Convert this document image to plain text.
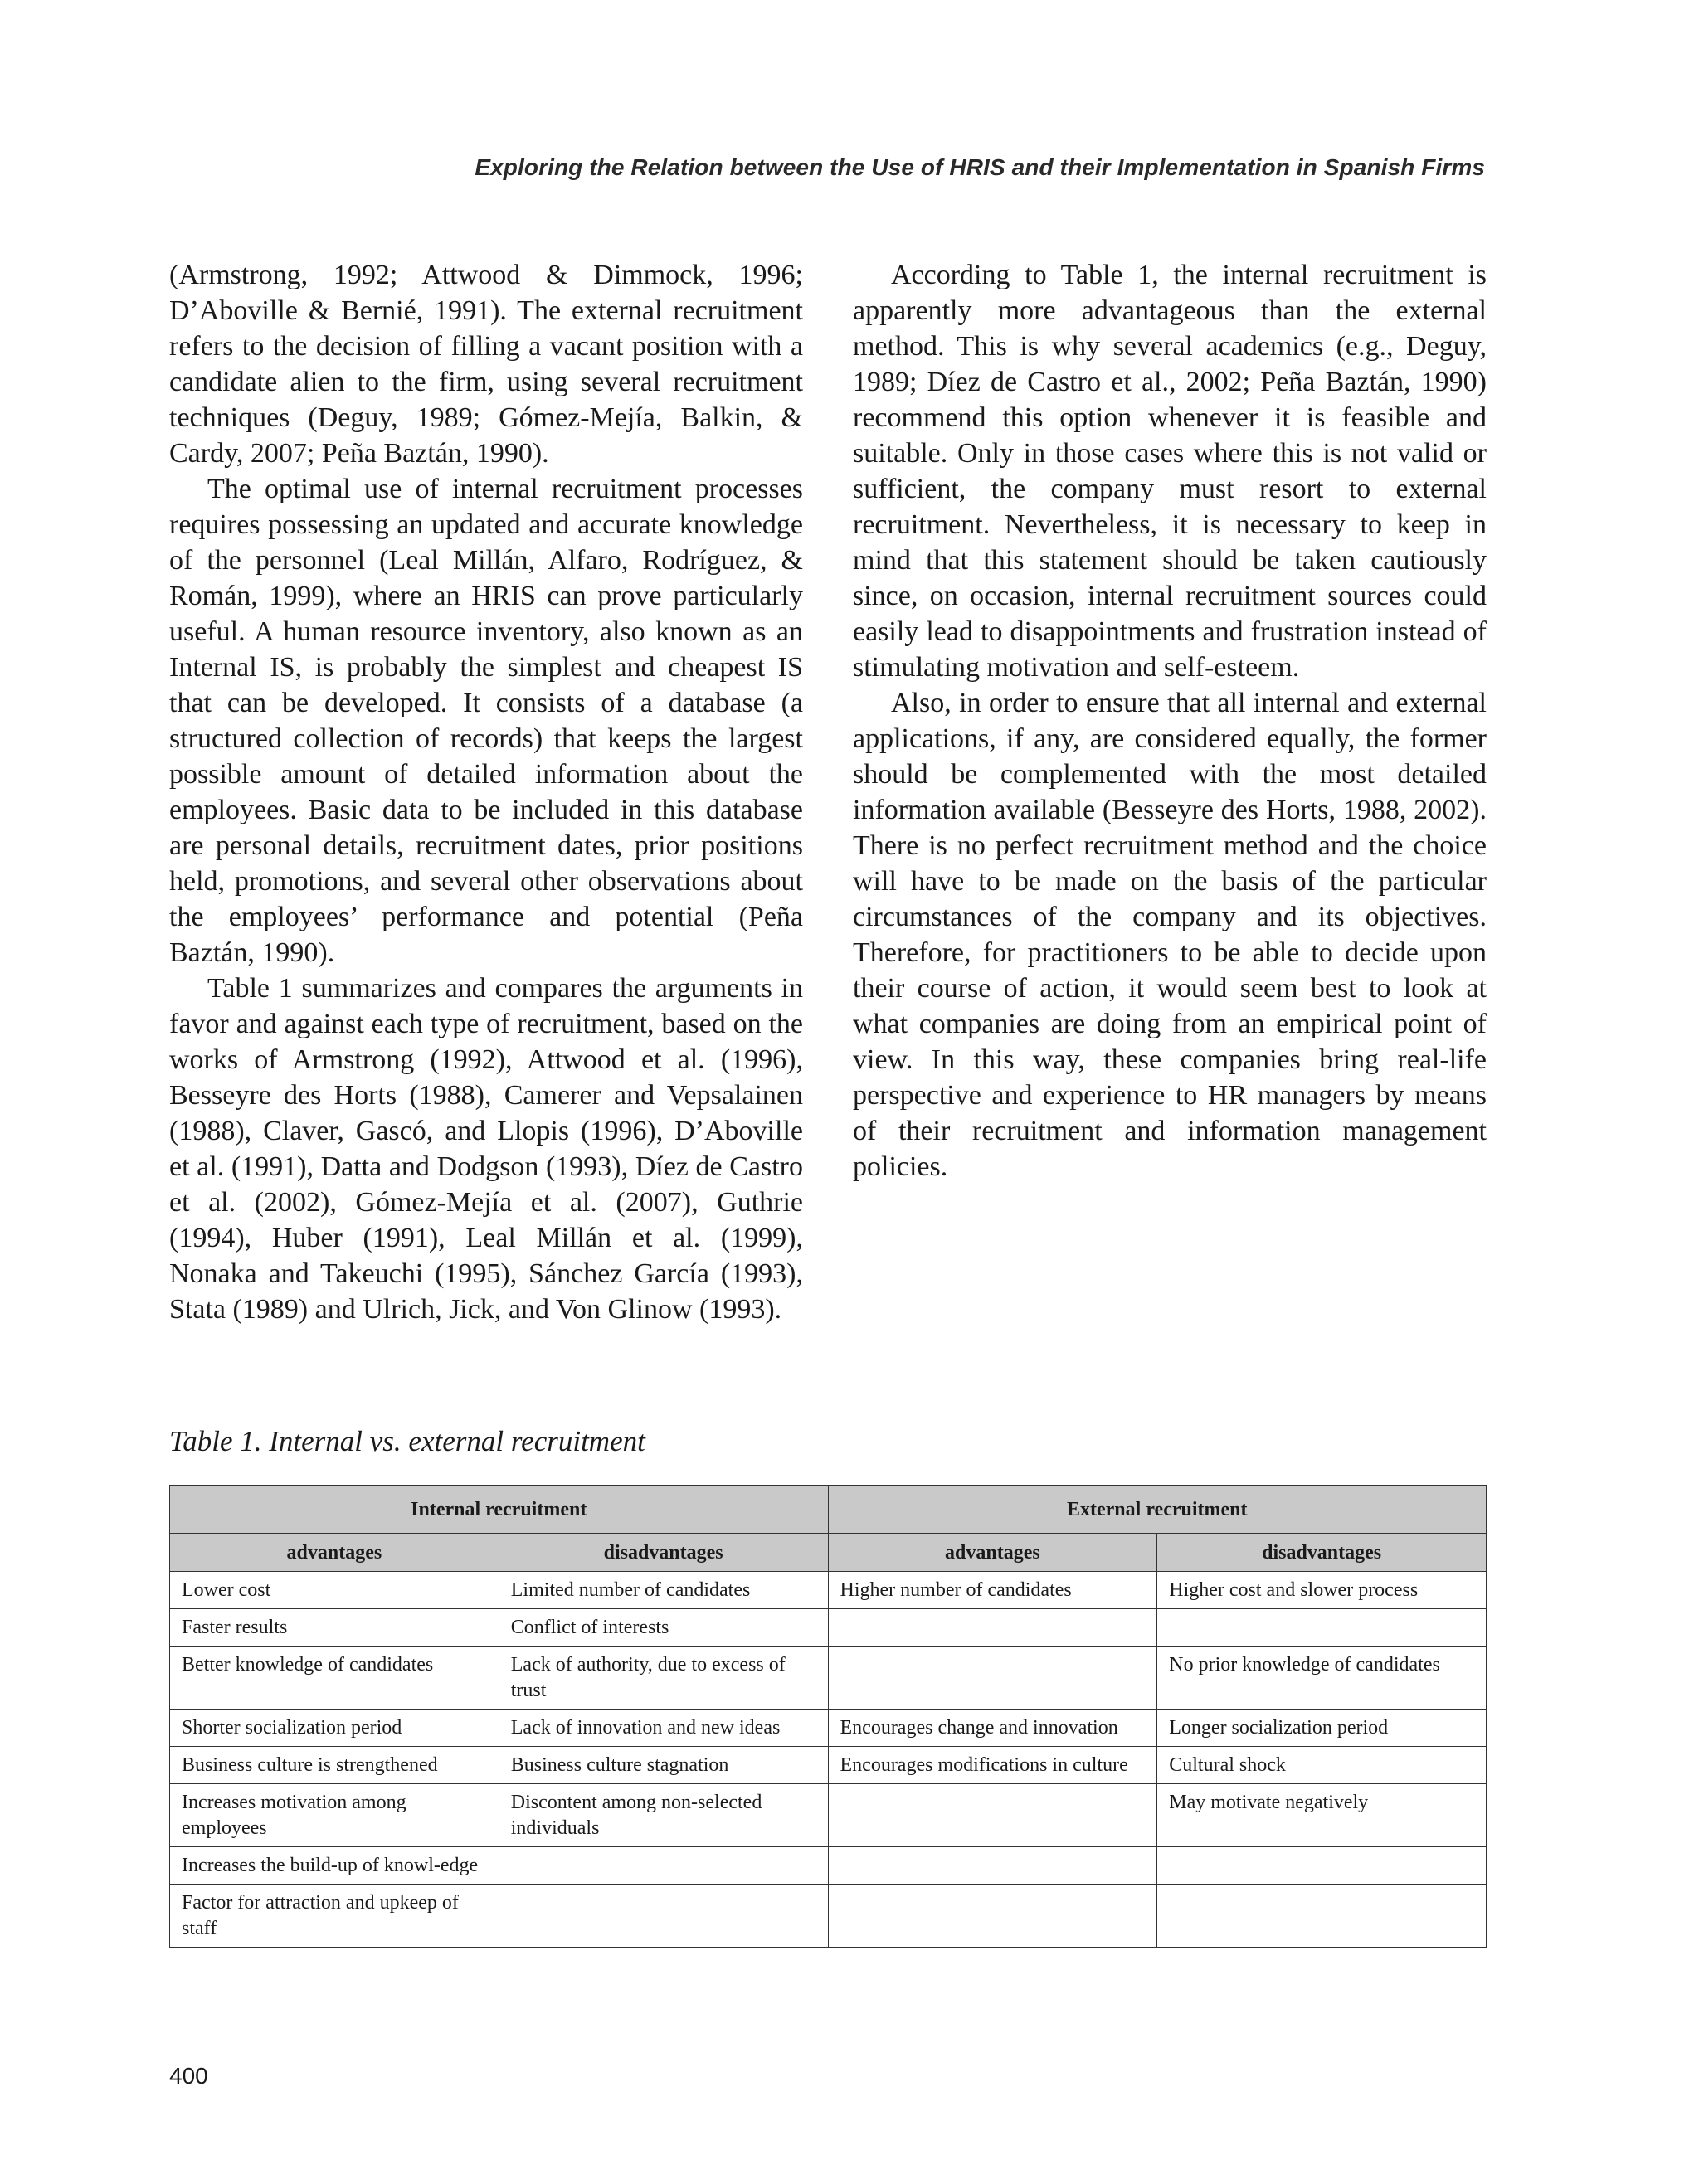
Exploring the Relation between the Use of HRIS and their Implementation in Spanish Firms

(Armstrong, 1992; Attwood & Dimmock, 1996; D’Aboville & Bernié, 1991). The external recruitment refers to the decision of filling a vacant position with a candidate alien to the firm, using several recruitment techniques (Deguy, 1989; Gómez-Mejía, Balkin, & Cardy, 2007; Peña Baztán, 1990).

The optimal use of internal recruitment processes requires possessing an updated and accurate knowledge of the personnel (Leal Millán, Alfaro, Rodríguez, & Román, 1999), where an HRIS can prove particularly useful. A human resource inventory, also known as an Internal IS, is probably the simplest and cheapest IS that can be developed. It consists of a database (a structured collection of records) that keeps the largest possible amount of detailed information about the employees. Basic data to be included in this database are personal details, recruitment dates, prior positions held, promotions, and several other observations about the employees’ performance and potential (Peña Baztán, 1990).

Table 1 summarizes and compares the arguments in favor and against each type of recruitment, based on the works of Armstrong (1992), Attwood et al. (1996), Besseyre des Horts (1988), Camerer and Vepsalainen (1988), Claver, Gascó, and Llopis (1996), D’Aboville et al. (1991), Datta and Dodgson (1993), Díez de Castro et al. (2002), Gómez-Mejía et al. (2007), Guthrie (1994), Huber (1991), Leal Millán et al. (1999), Nonaka and Takeuchi (1995), Sánchez García (1993), Stata (1989) and Ulrich, Jick, and Von Glinow (1993).

According to Table 1, the internal recruitment is apparently more advantageous than the external method. This is why several academics (e.g., Deguy, 1989; Díez de Castro et al., 2002; Peña Baztán, 1990) recommend this option whenever it is feasible and suitable. Only in those cases where this is not valid or sufficient, the company must resort to external recruitment. Nevertheless, it is necessary to keep in mind that this statement should be taken cautiously since, on occasion, internal recruitment sources could easily lead to disappointments and frustration instead of stimulating motivation and self-esteem.

Also, in order to ensure that all internal and external applications, if any, are considered equally, the former should be complemented with the most detailed information available (Besseyre des Horts, 1988, 2002). There is no perfect recruitment method and the choice will have to be made on the basis of the particular circumstances of the company and its objectives. Therefore, for practitioners to be able to decide upon their course of action, it would seem best to look at what companies are doing from an empirical point of view. In this way, these companies bring real-life perspective and experience to HR managers by means of their recruitment and information management policies.

Table 1. Internal vs. external recruitment
Internal recruitment		External recruitment	
advantages	disadvantages	advantages	disadvantages
Lower cost	Limited number of candidates	Higher number of candidates	Higher cost and slower process
Faster results	Conflict of interests		
Better knowledge of candidates	Lack of authority, due to excess of trust		No prior knowledge of candidates
Shorter socialization period	Lack of innovation and new ideas	Encourages change and innovation	Longer socialization period
Business culture is strengthened	Business culture stagnation	Encourages modifications in culture	Cultural shock
Increases motivation among employees	Discontent among non-selected individuals		May motivate negatively
Increases the build-up of knowl-edge			
Factor for attraction and upkeep of staff			
400
